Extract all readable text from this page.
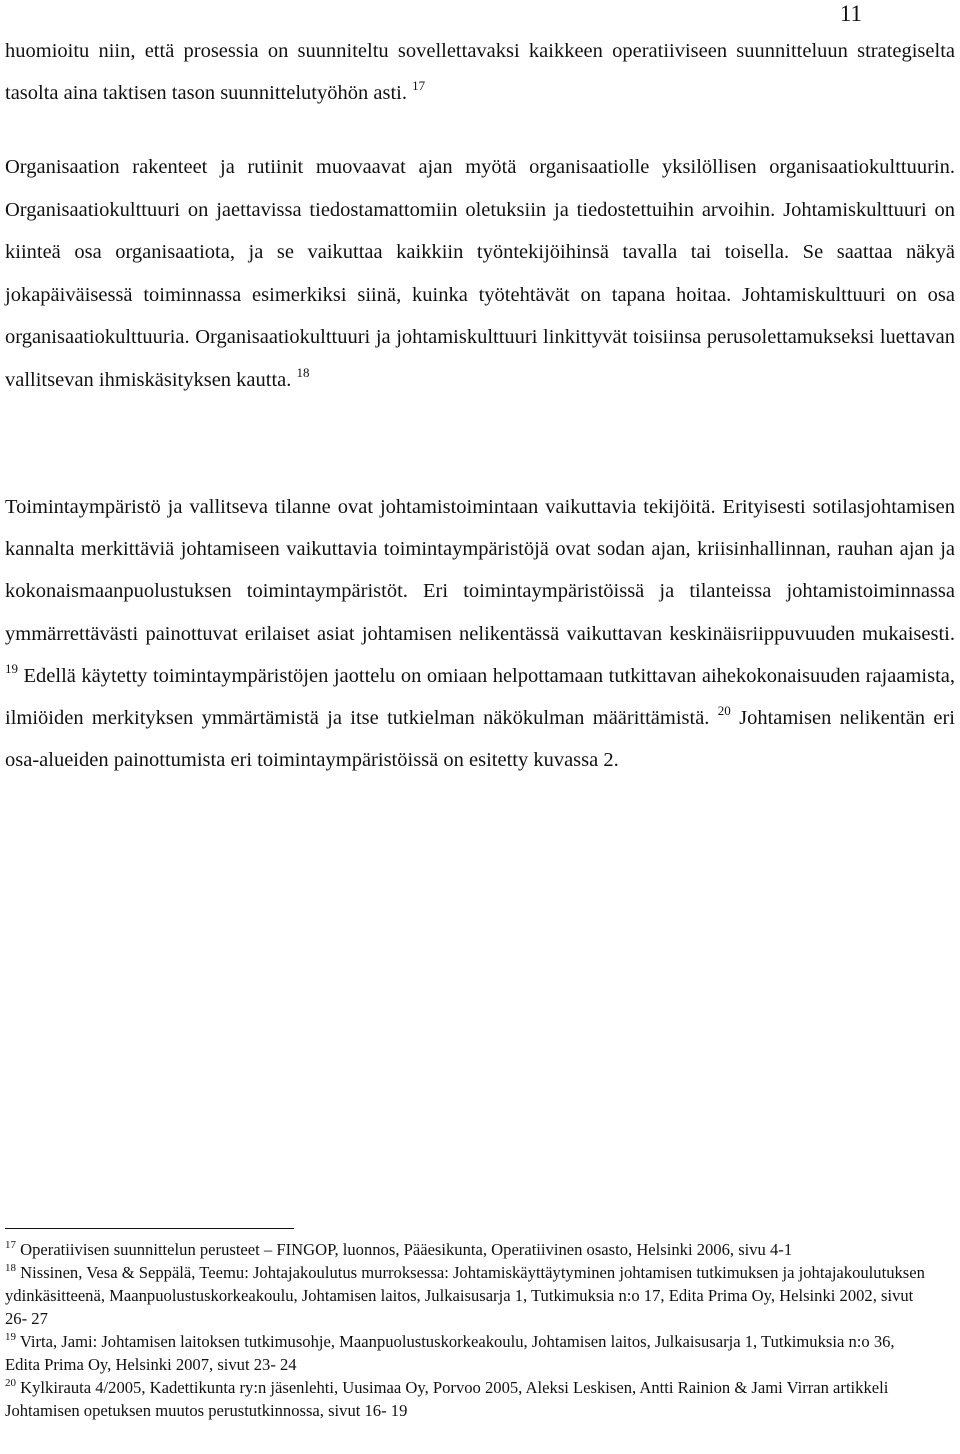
11

huomioitu niin, että prosessia on suunniteltu sovellettavaksi kaikkeen operatiiviseen suunnitteluun strategiselta tasolta aina taktisen tason suunnittelutyöhön asti. $^{17}$

Organisaation rakenteet ja rutiinit muovaavat ajan myötä organisaatiolle yksilöllisen organisaatiokulttuurin. Organisaatiokulttuuri on jaettavissa tiedostamattomiin oletuksiin ja tiedostettuihin arvoihin. Johtamiskulttuuri on kiinteä osa organisaatiota, ja se vaikuttaa kaikkiin työntekijöihinsä tavalla tai toisella. Se saattaa näkyä jokapäiväisessä toiminnassa esimerkiksi siinä, kuinka työtehtävät on tapana hoitaa. Johtamiskulttuuri on osa organisaatiokulttuuria. Organisaatiokulttuuri ja johtamiskulttuuri linkittyvät toisiinsa perusolettamukseksi luettavan vallitsevan ihmiskäsityksen kautta. $^{18}$

Toimintaympäristö ja vallitseva tilanne ovat johtamistoimintaan vaikuttavia tekijöitä. Erityisesti sotilasjohtamisen kannalta merkittäviä johtamiseen vaikuttavia toimintaympäristöjä ovat sodan ajan, kriisinhallinnan, rauhan ajan ja kokonaismaanpuolustuksen toimintaympäristöt. Eri toimintaympäristöissä ja tilanteissa johtamistoiminnassa ymmärrettävästi painottuvat erilaiset asiat johtamisen nelikentässä vaikuttavan keskinäisriippuvuuden mukaisesti. $^{19}$ Edellä käytetty toimintaympäristöjen jaottelu on omiaan helpottamaan tutkittavan aihekokonaisuuden rajaamista, ilmiöiden merkityksen ymmärtämistä ja itse tutkielman näkökulman määrittämistä. $^{20}$ Johtamisen nelikentän eri osa-alueiden painottumista eri toimintaympäristöissä on esitetty kuvassa 2.

$^{17}$ Operatiivisen suunnittelun perusteet – FINGOP, luonnos, Pääesikunta, Operatiivinen osasto, Helsinki 2006, sivu 4-1

$^{18}$ Nissinen, Vesa & Seppälä, Teemu: Johtajakoulutus murroksessa: Johtamiskäyttäytyminen johtamisen tutkimuksen ja johtajakoulutuksen ydinkäsitteenä, Maanpuolustuskorkeakoulu, Johtamisen laitos, Julkaisusarja 1, Tutkimuksia n:o 17, Edita Prima Oy, Helsinki 2002, sivut 26- 27

$^{19}$ Virta, Jami: Johtamisen laitoksen tutkimusohje, Maanpuolustuskorkeakoulu, Johtamisen laitos, Julkaisusarja 1, Tutkimuksia n:o 36, Edita Prima Oy, Helsinki 2007, sivut 23- 24

$^{20}$ Kylkirauta 4/2005, Kadettikunta ry:n jäsenlehti, Uusimaa Oy, Porvoo 2005, Aleksi Leskisen, Antti Rainion & Jami Virran artikkeli Johtamisen opetuksen muutos perustutkinnossa, sivut 16- 19
